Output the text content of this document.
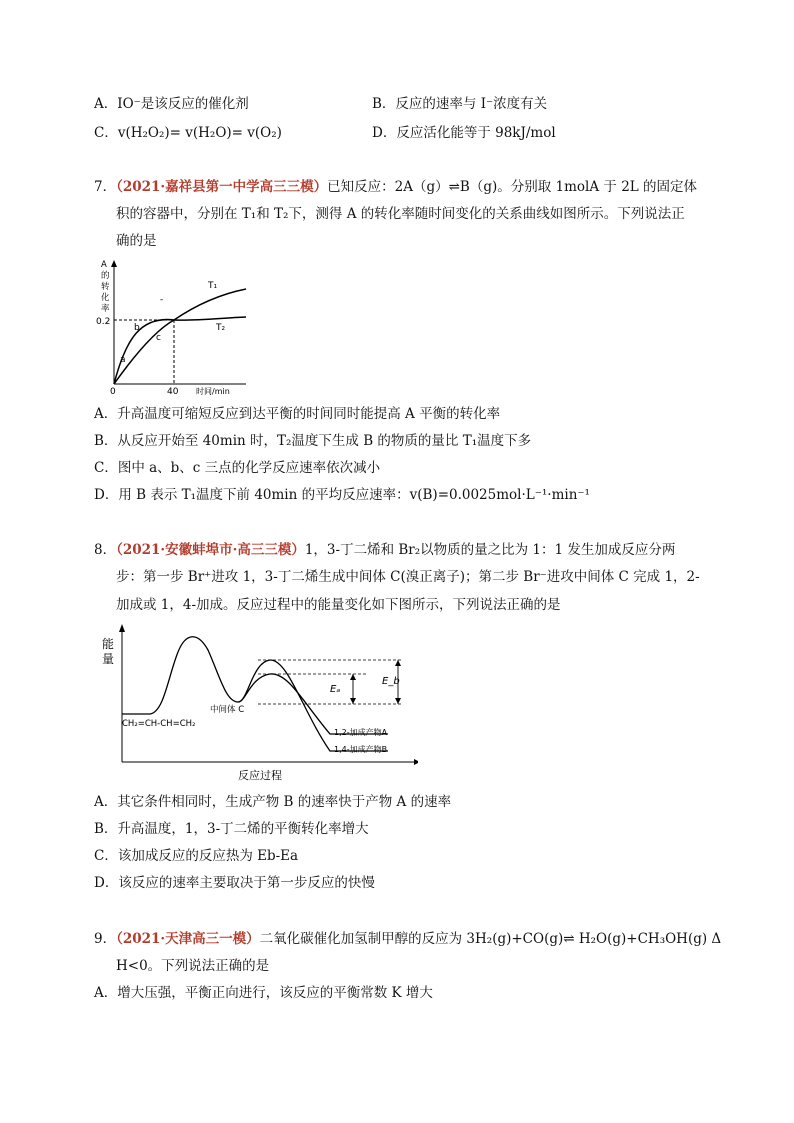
A．IO⁻是该反应的催化剂	B．反应的速率与 I⁻浓度有关
C．v(H₂O₂)= v(H₂O)= v(O₂)	D．反应活化能等于 98kJ/mol
7．（2021·嘉祥县第一中学高三三模）已知反应：2A（g）⇌B（g)。分别取 1molA 于 2L 的固定体
积的容器中，分别在 T₁和 T₂下，测得 A 的转化率随时间变化的关系曲线如图所示。下列说法正
确的是
A
的
转
化
率
0.2
0	40 时间/min
T₁
T₂
a
b
c
-
A．升高温度可缩短反应到达平衡的时间同时能提高 A 平衡的转化率
B．从反应开始至 40min 时，T₂温度下生成 B 的物质的量比 T₁温度下多
C．图中 a、b、c 三点的化学反应速率依次减小
D．用 B 表示 T₁温度下前 40min 的平均反应速率：v(B)=0.0025mol·L⁻¹·min⁻¹
8．（2021·安徽蚌埠市·高三三模）1，3-丁二烯和 Br₂以物质的量之比为 1：1 发生加成反应分两
步：第一步 Br⁺进攻 1，3-丁二烯生成中间体 C(溴正离子)；第二步 Br⁻进攻中间体 C 完成 1，2-
加成或 1，4-加成。反应过程中的能量变化如下图所示，下列说法正确的是
能
量
Eₐ
E_b
CH₂=CH-CH=CH₂
中间体 C
1,2-加成产物A
1,4-加成产物B
反应过程
A．其它条件相同时，生成产物 B 的速率快于产物 A 的速率
B．升高温度，1，3-丁二烯的平衡转化率增大
C．该加成反应的反应热为 Eb-Ea
D．该反应的速率主要取决于第一步反应的快慢
9．（2021·天津高三一模）二氧化碳催化加氢制甲醇的反应为 3H₂(g)+CO(g)⇌ H₂O(g)+CH₃OH(g) Δ
H<0。下列说法正确的是
A．增大压强，平衡正向进行，该反应的平衡常数 K 增大
